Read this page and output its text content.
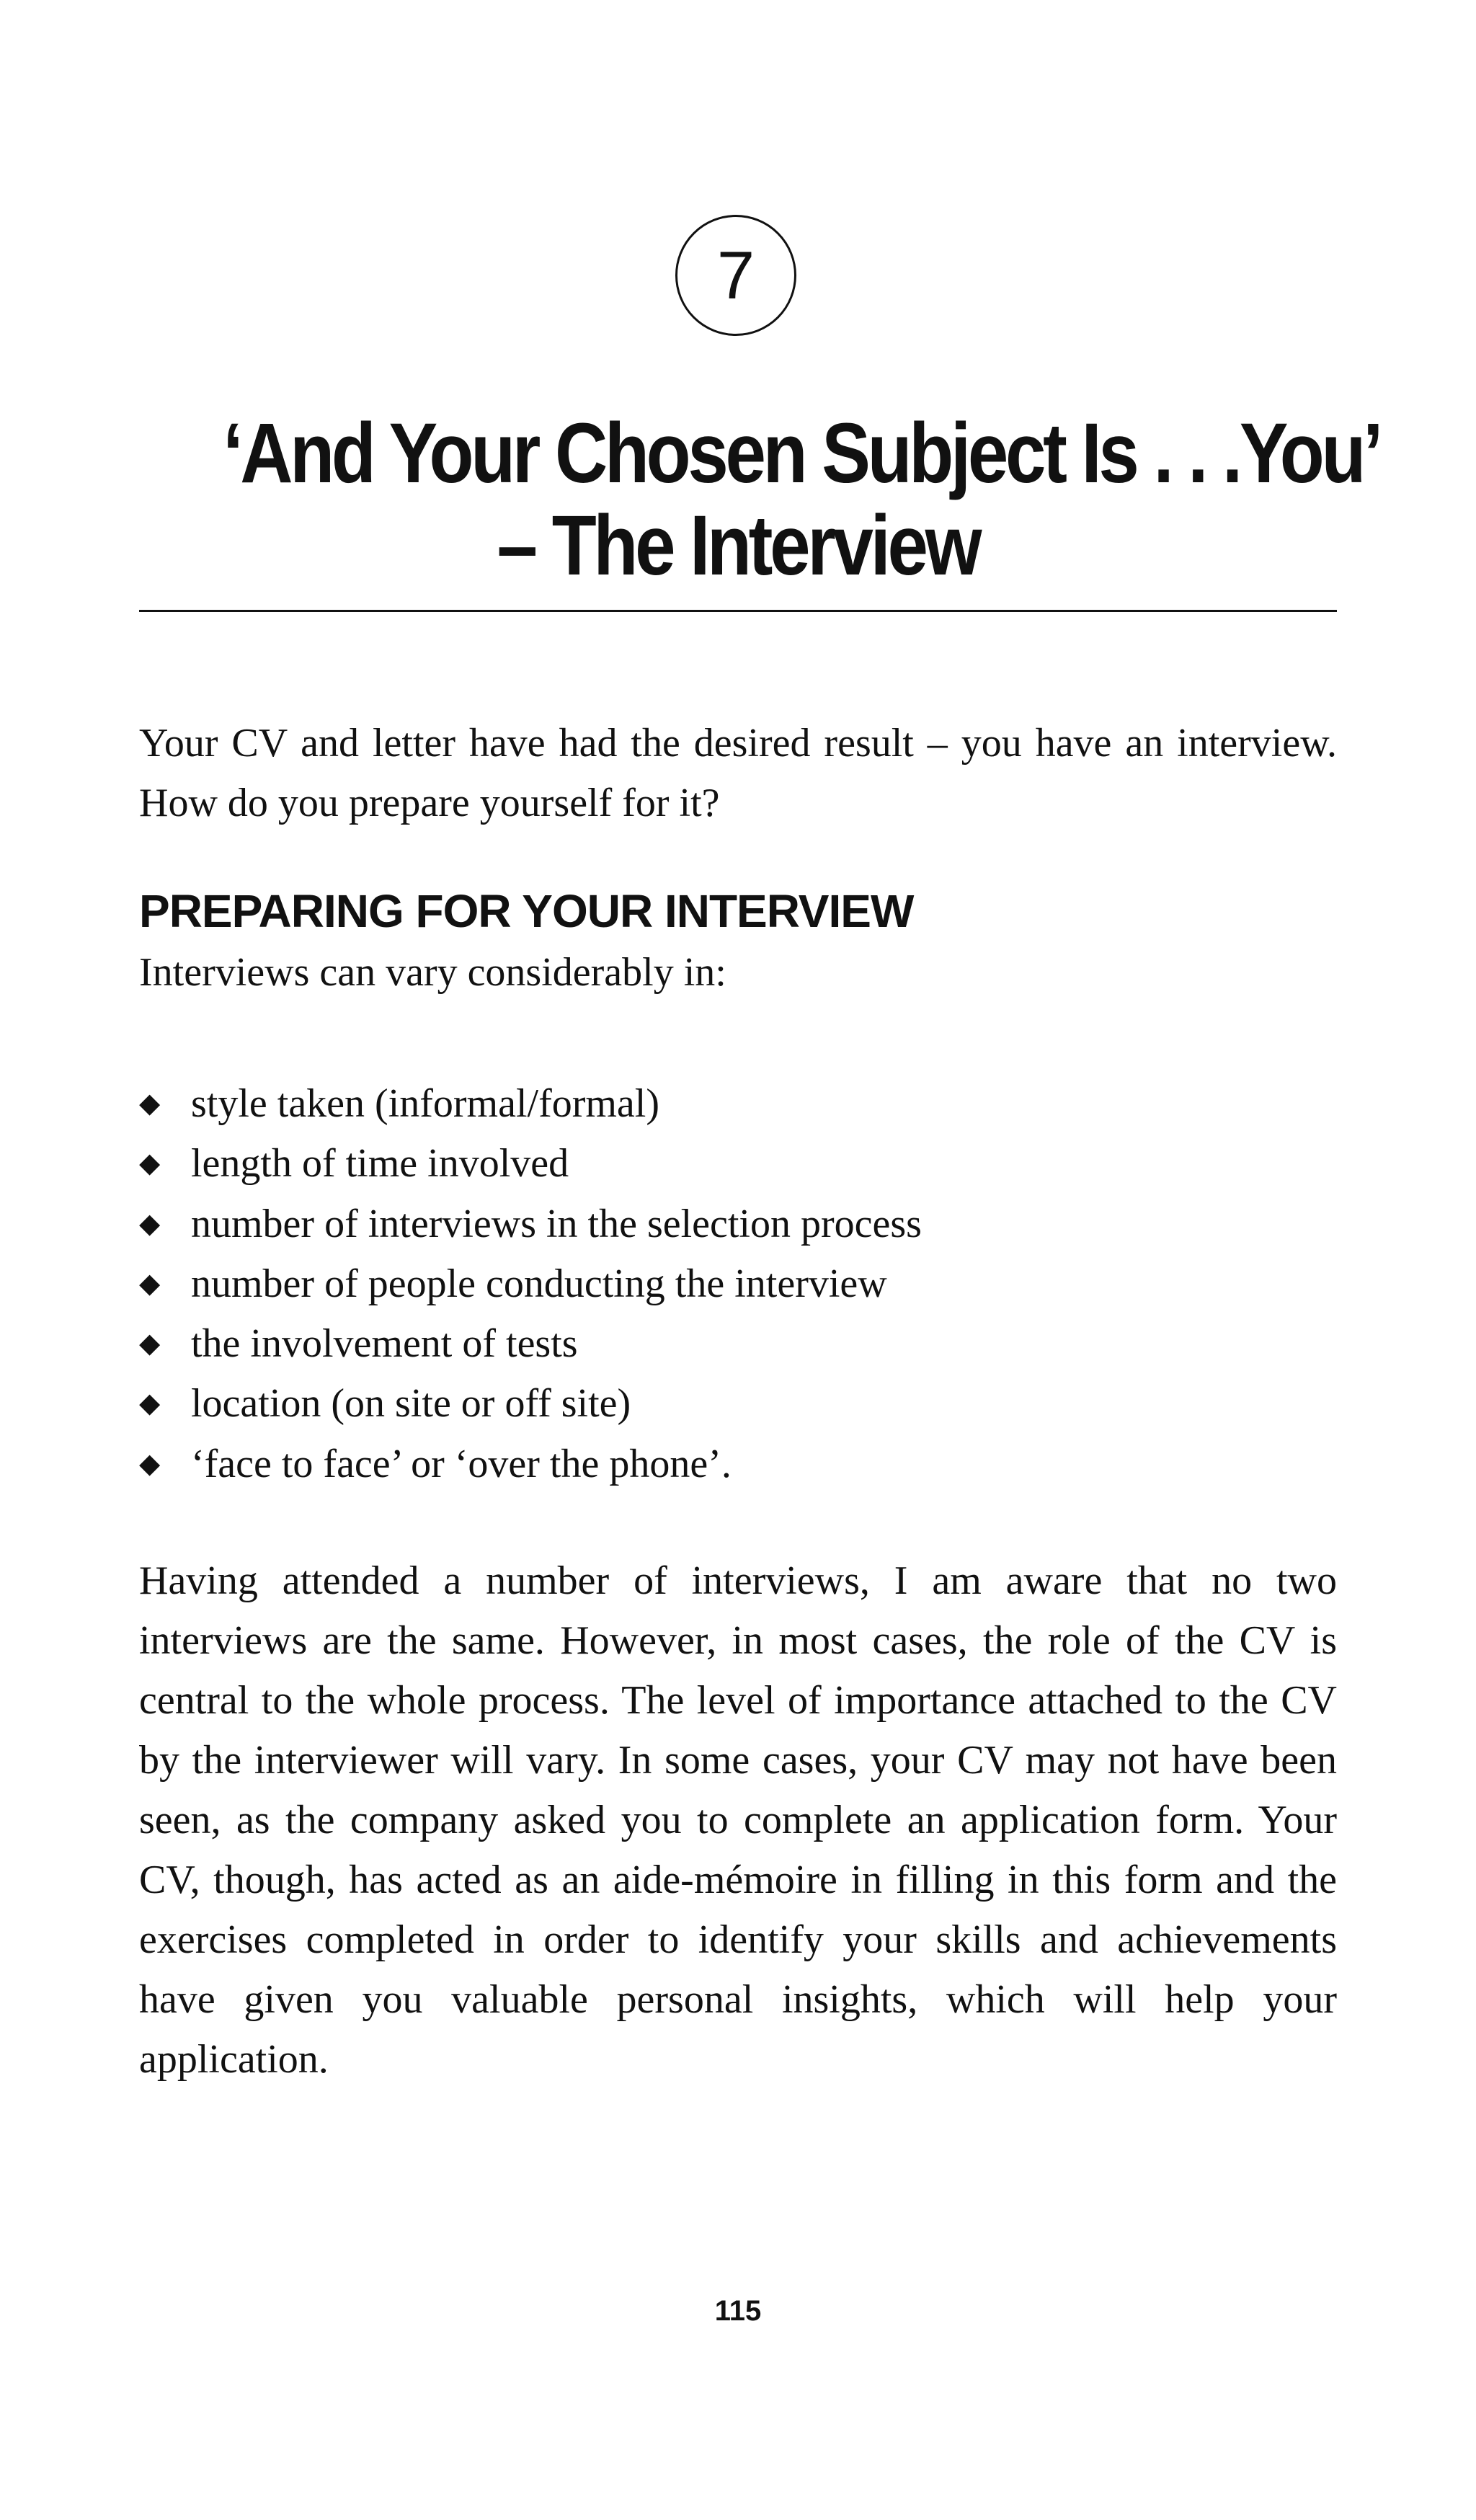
7
‘And Your Chosen Subject Is . . .You’
– The Interview

Your CV and letter have had the desired result – you have an interview. How do you prepare yourself for it?

PREPARING FOR YOUR INTERVIEW

Interviews can vary considerably in:

◆ style taken (informal/formal)
◆ length of time involved
◆ number of interviews in the selection process
◆ number of people conducting the interview
◆ the involvement of tests
◆ location (on site or off site)
◆ ‘face to face’ or ‘over the phone’.

Having attended a number of interviews, I am aware that no two interviews are the same. However, in most cases, the role of the CV is central to the whole process. The level of importance attached to the CV by the interviewer will vary. In some cases, your CV may not have been seen, as the company asked you to complete an application form. Your CV, though, has acted as an aide-mémoire in filling in this form and the exercises completed in order to identify your skills and achievements have given you valuable personal insights, which will help your application.

115
